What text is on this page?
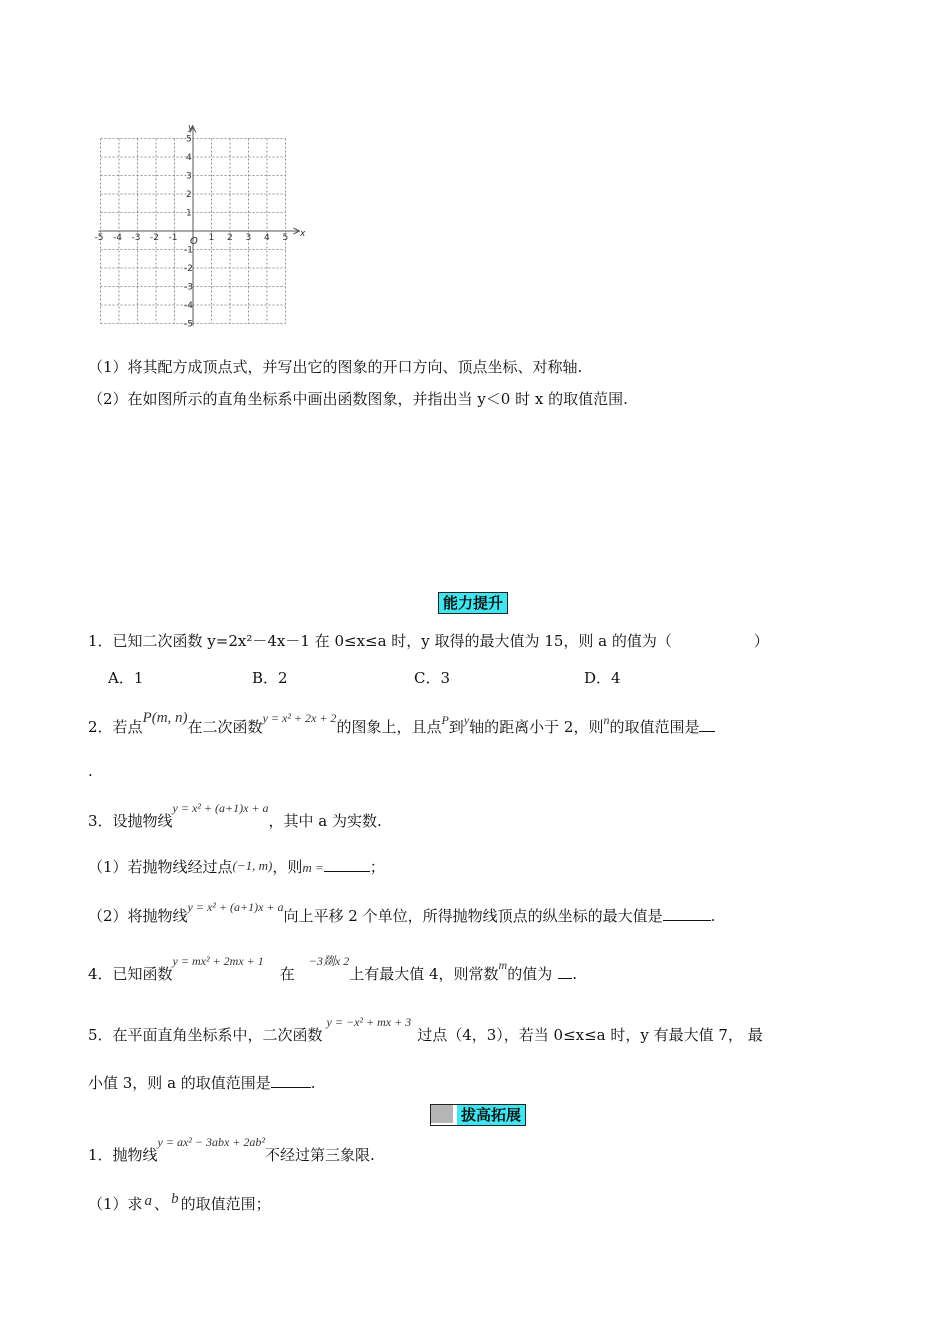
y
x
O
-5 -4 -3 -2 -1	1 2 3 4 5
5
4
3
2
1
-1
-2
-3
-4
-5
（1）将其配方成顶点式，并写出它的图象的开口方向、顶点坐标、对称轴.
（2）在如图所示的直角坐标系中画出函数图象，并指出当 y＜0 时 x 的取值范围.
能力提升
1．已知二次函数 y=2x²－4x－1 在 0≤x≤a 时，y 取得的最大值为 15，则 a 的值为（	）
A．1	B．2	C．3	D．4
2．若点P(m, n)在二次函数$^{y = x^2 + 2x + 2}$的图象上，且点$^P$到$^y$轴的距离小于 2，则$^n$的取值范围是
.
3．设抛物线$^{y = x^2 + (a+1)x + a}$，其中 a 为实数.
（1）若抛物线经过点(−1, m)，则m =	；
（2）将抛物线$^{y = x^2 + (a+1)x + a}$向上平移 2 个单位，所得抛物线顶点的纵坐标的最大值是	.
4．已知函数$^{y = mx^2 + 2mx + 1}$在$^{-3剟x 2}$上有最大值 4，则常数$^m$的值为 .
5．在平面直角坐标系中，二次函数$^{y = -x^2 + mx + 3}$过点（4，3），若当 0≤x≤a 时，y 有最大值 7， 最
小值 3，则 a 的取值范围是	.
拔高拓展
1．抛物线$^{y = ax^2 - 3abx + 2ab^2}$不经过第三象限.
（1）求 a 、 b 的取值范围；
